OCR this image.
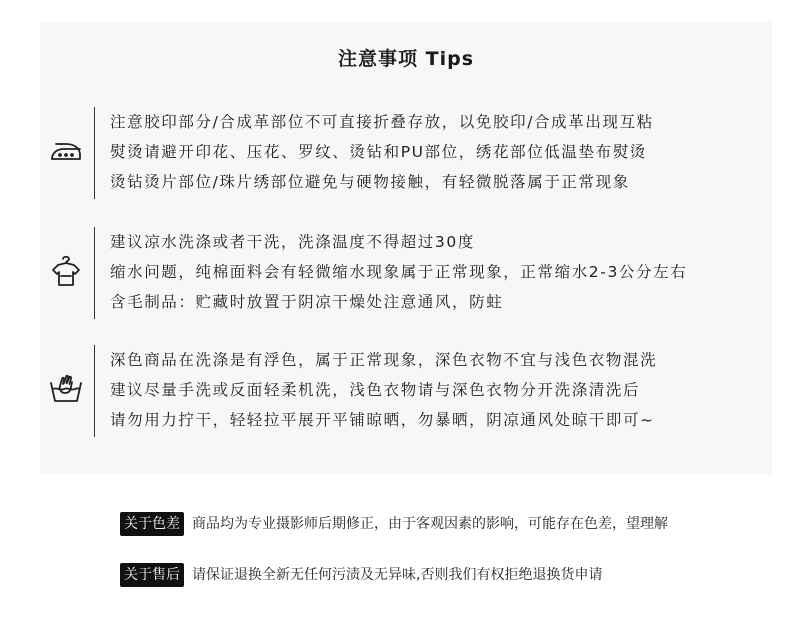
注意事项 Tips
注意胶印部分/合成革部位不可直接折叠存放，以免胶印/合成革出现互粘
熨烫请避开印花、压花、罗纹、烫钻和PU部位，绣花部位低温垫布熨烫
烫钻烫片部位/珠片绣部位避免与硬物接触，有轻微脱落属于正常现象
建议凉水洗涤或者干洗，洗涤温度不得超过30度
缩水问题，纯棉面料会有轻微缩水现象属于正常现象，正常缩水2-3公分左右
含毛制品：贮藏时放置于阴凉干燥处注意通风，防蛀
深色商品在洗涤是有浮色，属于正常现象，深色衣物不宜与浅色衣物混洗
建议尽量手洗或反面轻柔机洗，浅色衣物请与深色衣物分开洗涤清洗后
请勿用力拧干，轻轻拉平展开平铺晾晒，勿暴晒，阴凉通风处晾干即可~
关于色差 商品均为专业摄影师后期修正，由于客观因素的影响，可能存在色差，望理解
关于售后 请保证退换全新无任何污渍及无异味,否则我们有权拒绝退换货申请
